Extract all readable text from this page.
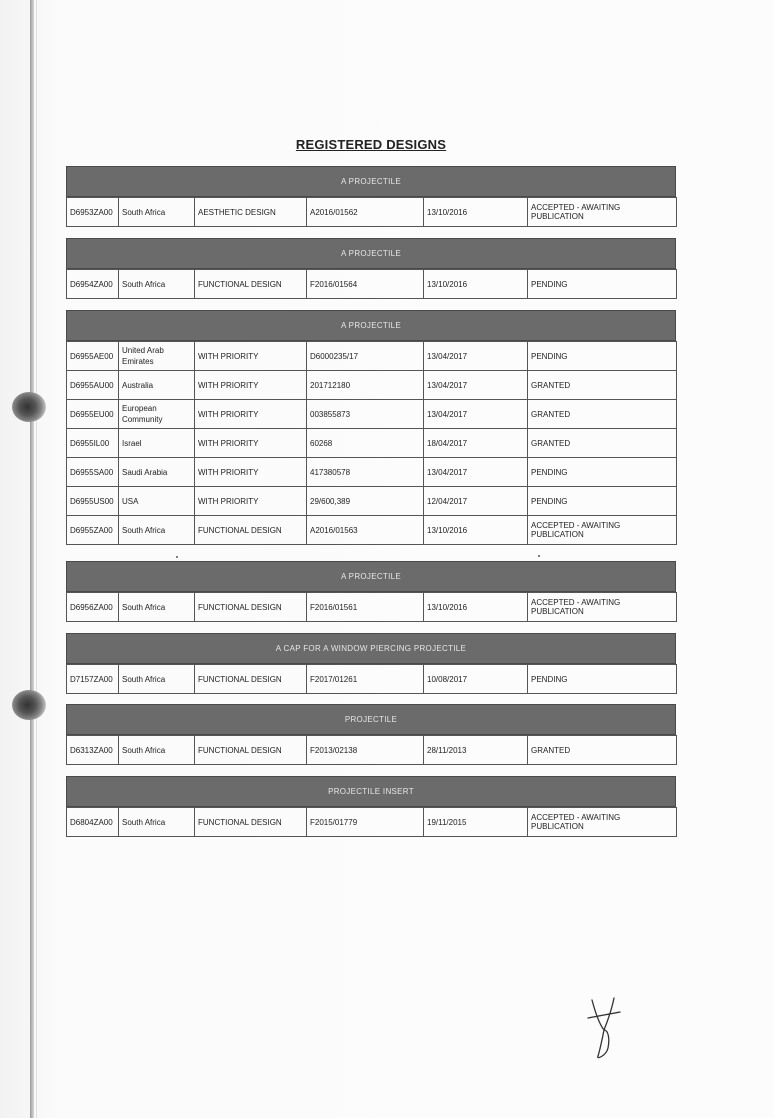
REGISTERED DESIGNS
A PROJECTILE
D6953ZA00	South Africa	AESTHETIC DESIGN	A2016/01562	13/10/2016	ACCEPTED - AWAITING PUBLICATION
A PROJECTILE
D6954ZA00	South Africa	FUNCTIONAL DESIGN	F2016/01564	13/10/2016	PENDING
A PROJECTILE
D6955AE00	United Arab Emirates	WITH PRIORITY	D6000235/17	13/04/2017	PENDING
D6955AU00	Australia	WITH PRIORITY	201712180	13/04/2017	GRANTED
D6955EU00	European Community	WITH PRIORITY	003855873	13/04/2017	GRANTED
D6955IL00	Israel	WITH PRIORITY	60268	18/04/2017	GRANTED
D6955SA00	Saudi Arabia	WITH PRIORITY	417380578	13/04/2017	PENDING
D6955US00	USA	WITH PRIORITY	29/600,389	12/04/2017	PENDING
D6955ZA00	South Africa	FUNCTIONAL DESIGN	A2016/01563	13/10/2016	ACCEPTED - AWAITING PUBLICATION
A PROJECTILE
D6956ZA00	South Africa	FUNCTIONAL DESIGN	F2016/01561	13/10/2016	ACCEPTED - AWAITING PUBLICATION
A CAP FOR A WINDOW PIERCING PROJECTILE
D7157ZA00	South Africa	FUNCTIONAL DESIGN	F2017/01261	10/08/2017	PENDING
PROJECTILE
D6313ZA00	South Africa	FUNCTIONAL DESIGN	F2013/02138	28/11/2013	GRANTED
PROJECTILE INSERT
D6804ZA00	South Africa	FUNCTIONAL DESIGN	F2015/01779	19/11/2015	ACCEPTED - AWAITING PUBLICATION
